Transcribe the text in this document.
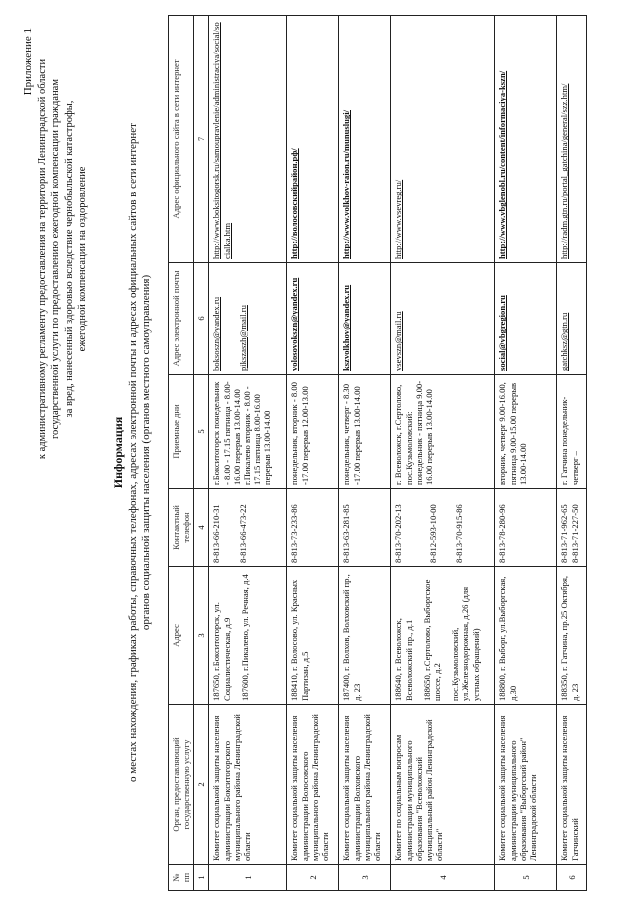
Приложение 1 к административному регламенту предоставления на территории Ленинградской области государственной услуги по предоставлению ежегодной компенсации гражданам за вред, нанесенный здоровью вследствие чернобыльской катастрофы, ежегодной компенсации на оздоровление
Информация о местах нахождения, графиках работы, справочных телефонах, адресах электронной почты и адресах официальных сайтов в сети интернет органов социальной защиты населения (органов местного самоуправления)
№ пп	Орган, предоставляющий государственную услугу	Адрес	Контактный телефон	Приемные дни	Адрес электронной почты	Адрес официального сайта в сети интернет
1	2	3	4	5	6	7
1	Комитет социальной защиты населения администрации Бокситогорского муниципального района Ленинградской области	187650, г.Бокситогорск, ул. Социалистическая, д.9 187600, г.Пикалево, ул. Речная, д.4	8-813-66-210-31 8-813-66-473-22	г.Бокситогорск понедельник - 8.00 - 17.15 пятница - 8.00-16.00 перерыв 13.00-14.00 г.Пикалево вторник - 8.00 - 17.15 пятница 8.00-16.00 перерыв 13.00-14.00	boksoszn@yandex.ru pikszaszh@mail.ru	http://www.boksitogorsk.ru/samoupravlenie/administraciya/social/socialka.htm

2	Комитет социальной защиты населения администрации Волосовского муниципального района Ленинградской области	188410, г. Волосово, ул. Красных Партизан, д.5	8-813-73-233-86	понедельник, вторник - 8.00 -17.00 перерыв 12.00-13.00	volosovokszn@yandex.ru	http://волосовскийрайон.рф/

3	Комитет социальной защиты населения администрации Волховского муниципального района Ленинградской области	187400, г. Волхов, Волховский пр., д. 23	8-813-63-281-85	понедельник, четверг - 8.30 -17.00 перерыв 13.00-14.00	kszvolkhov@yandex.ru	http://www.volkhov-raion.ru/munuslugi/

4	Комитет по социальным вопросам администрации муниципального образования "Всеволожский муниципальный район Ленинградской области"	188640, г. Всеволожск, Всеволожский пр., д.1 188650, г.Сертолово, Выборгское шоссе, д.2 пос.Кузьмоловский, ул.Железнодорожная, д.26 (для устных обращений)	8-813-70-202-13 8-812-593-10-00 8-813-70-915-86	г. Всеволожск, г.Сертолово, пос.Кузьмоловский: понедельник - пятница 9.00-16.00 перерыв 13.00-14.00	vsevszn@mail.ru	http://www.vsevreg.ru/

5	Комитет социальной защиты населения администрации муниципального образования "Выборгский район" Ленинградской области	188800, г. Выборг, ул.Выборгская, д.30	8-813-78-280-96	вторник, четверг 9.00-16.00, пятница 9.00-15.00 перерыв 13.00-14.00	social@vbgregion.ru	http://www.vbglenobl.ru/content/informaciya-kszn/

6	Комитет социальной защиты населения Гатчинский	188350, г. Гатчина, пр.25 Октября, д. 23	8-813-71-962-65 8-813-71-227-50	г. Гатчина понедельник-четверг –	gatchksz@gtn.ru	http://radm.gtn.ru/portal_gatchina/general/szz.htm/
